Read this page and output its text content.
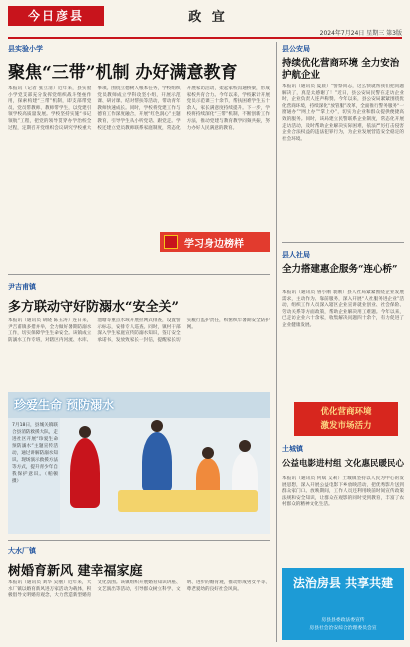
今日彦县	政 宜
2024年7月24日 星期三 第3版
县实验小学
聚焦“三带”机制 办好满意教育
本报讯（记者 张立清）近年来，县实验小学党支部充分发挥党组织战斗堡垒作用，探索构建“三带”机制，即支部带党员、党员带教师、教师带学生，以党建引领学校高质量发展。学校坚持实施“书记领航”工程，把党的领导贯穿办学治校全过程，定期召开党组织会议研究学校重大事项。围绕立德树人根本任务，学校组织党员教师成立学科攻坚小组，开展示范课、研讨课、结对帮扶等活动，带动青年教师快速成长。同时，学校将党建工作与德育工作深度融合，开展“红色润心”主题教育，引导学生从小听党话、跟党走。学校还建立党员教师联系家庭制度，常态化开展家访活动，架起家校沟通桥梁，形成家校共育合力。今年以来，学校累计开展党员示范课三十余节，帮扶困难学生五十余人，家长满意度持续提升。下一步，学校将持续深化“三带”机制，不断创新工作方法，推动党建与教育教学同频共振，努力办好人民满意的教育。
学习身边榜样
尹吉甫镇
多方联动守好防溺水“安全关”
本报讯（通讯员 胡晓 陈玉涛）连日来，尹吉甫镇多措并举，全力做好暑期防溺水工作，切实保障学生生命安全。该镇成立防溺水工作专班，对辖区内河流、水库、池塘等重点水域开展拉网式排查，设置警示标志，安排专人巡查。同时，镇村干部深入学生家庭宣传防溺水知识，签订安全承诺书，发放致家长一封信，提醒家长切实履行监护责任，织密织牢暑期安全防护网。
珍爱生命 预防溺水
7月18日，县城关镇联合县消防救援大队，走进社区开展“珍爱生命 预防溺水”主题宣传活动，通过讲解防溺水知识、现场演示救援方法等方式，提升青少年自我保护意识。（帕顿 摄）
大水厂镇
树婚育新风 建幸福家庭
本报讯（通讯员 刘华 吴丽）近年来，大水厂镇以婚育新风进万家活动为载体，积极倡导文明婚育观念，大力营造新型婚育文化氛围。该镇组织开展婚育知识讲座、文艺演出等活动，引导群众树立科学、文明、进步的婚育观，推动形成男女平等、尊老爱幼的良好社会风尚。
县公安局
持续优化营商环境 全力安治护航企业
本报讯（通讯员 夏晨）“警察同志，这么快就帮我们把问题解决了，真是太感谢了！”近日，县公安局民警在走访企业时，企业负责人连声称赞。今年以来，县公安局紧紧围绕优化营商环境，持续深化“放管服”改革，全面推行警务服务“一窗通办”“网上办”“掌上办”，切实为企业和群众提供便捷高效的服务。同时，该局建立民警联系企业制度，常态化开展走访活动，及时帮助企业解决实际困难，依法严厉打击侵害企业合法权益的违法犯罪行为，为企业发展营造安全稳定的社会环境。
县人社局
全力搭建惠企服务“连心桥”
本报讯（通讯员 鲁小刚 裴刚）县人社局紧紧围绕企业发展需求，主动作为、靠前服务，深入开展“人社服务进企业”活动，组织工作人员深入辖区企业宣讲就业创业、社会保险、劳动关系等方面政策，帮助企业解决用工难题。今年以来，已走访企业六十余家，收集解决问题四十余个，有力促进了企业健康发展。
优化营商环境
激发市场活力
土城镇
公益电影进村组 文化惠民暖民心
本报讯（通讯员 何斌 艾莉）土城镇坚持以人民为中心的发展思想，深入开展公益电影下乡放映活动，把优秀影片送到群众家门口。放映期间，工作人员还利用映前时间宣传政策法规和安全知识，让群众在观影的同时受到教育，丰富了农村群众的精神文化生活。
法治房县 共享共建
房县县委政法委宣传
房县社会治安综合治理委员会宣
